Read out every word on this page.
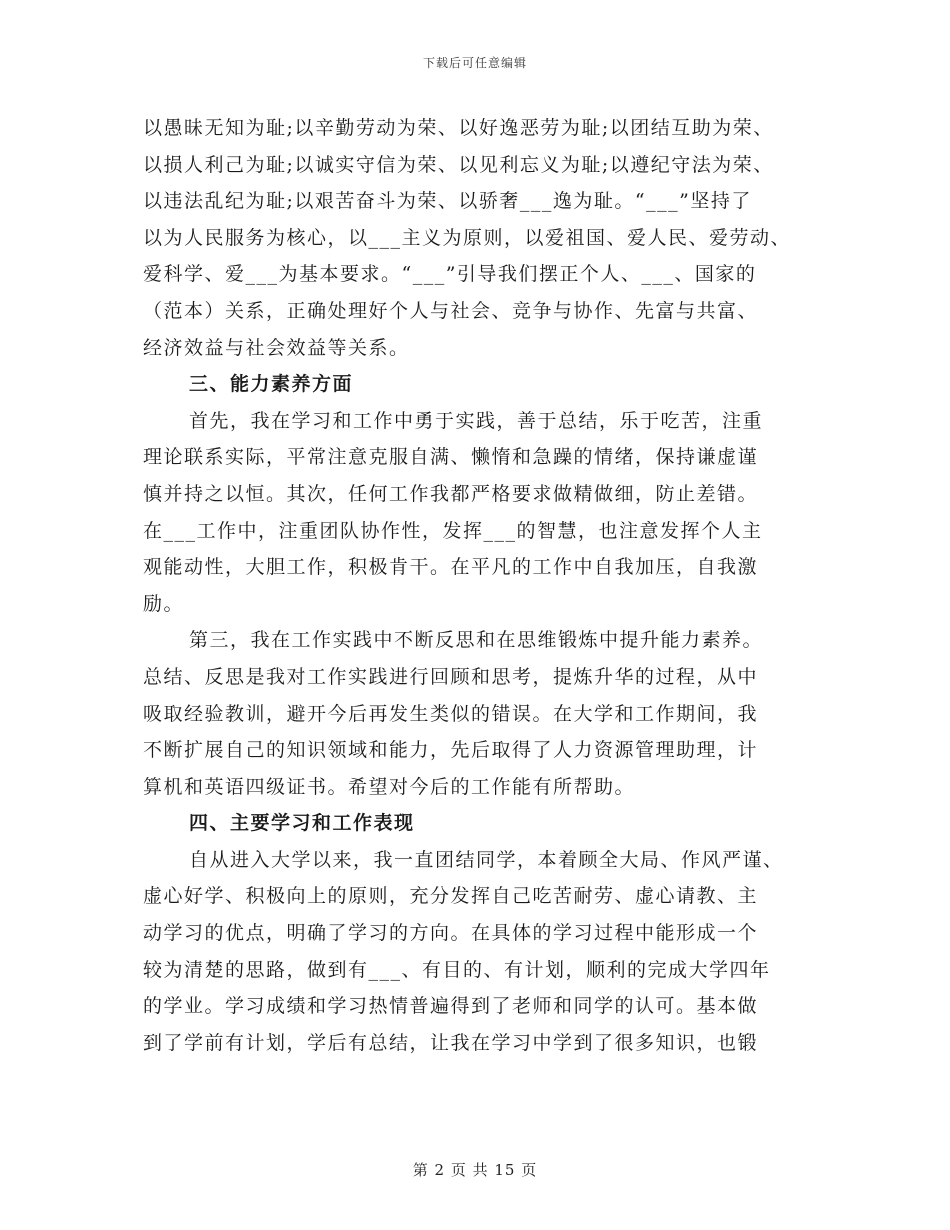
下载后可任意编辑
以愚昧无知为耻;以辛勤劳动为荣、以好逸恶劳为耻;以团结互助为荣、
以损人利己为耻;以诚实守信为荣、以见利忘义为耻;以遵纪守法为荣、
以违法乱纪为耻;以艰苦奋斗为荣、以骄奢___逸为耻。“___”坚持了
以为人民服务为核心，以___主义为原则，以爱祖国、爱人民、爱劳动、
爱科学、爱___为基本要求。“___”引导我们摆正个人、___、国家的
（范本）关系，正确处理好个人与社会、竞争与协作、先富与共富、
经济效益与社会效益等关系。
三、能力素养方面
首先，我在学习和工作中勇于实践，善于总结，乐于吃苦，注重
理论联系实际，平常注意克服自满、懒惰和急躁的情绪，保持谦虚谨
慎并持之以恒。其次，任何工作我都严格要求做精做细，防止差错。
在___工作中，注重团队协作性，发挥___的智慧，也注意发挥个人主
观能动性，大胆工作，积极肯干。在平凡的工作中自我加压，自我激
励。
第三，我在工作实践中不断反思和在思维锻炼中提升能力素养。
总结、反思是我对工作实践进行回顾和思考，提炼升华的过程，从中
吸取经验教训，避开今后再发生类似的错误。在大学和工作期间，我
不断扩展自己的知识领域和能力，先后取得了人力资源管理助理，计
算机和英语四级证书。希望对今后的工作能有所帮助。
四、主要学习和工作表现
自从进入大学以来，我一直团结同学，本着顾全大局、作风严谨、
虚心好学、积极向上的原则，充分发挥自己吃苦耐劳、虚心请教、主
动学习的优点，明确了学习的方向。在具体的学习过程中能形成一个
较为清楚的思路，做到有___、有目的、有计划，顺利的完成大学四年
的学业。学习成绩和学习热情普遍得到了老师和同学的认可。基本做
到了学前有计划，学后有总结，让我在学习中学到了很多知识，也锻
第 2 页 共 15 页
